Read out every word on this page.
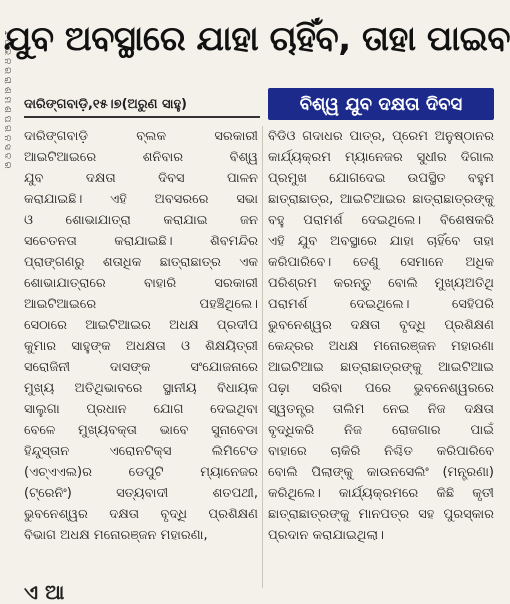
1 ପ ଭ ନ ର ରା ଶ ମ ଶ ପ ଗ ନ ସ ଦ ର
ଯୁବ ଅବସ୍ଥାରେ ଯାହା ଚାହିଁବ, ତାହା ପାଇବ
ଦାରିଙ୍ଗବାଡ଼ି,୧୫।୭(ଅରୁଣ ସାହୁ)	ବିଶ୍ୱ ଯୁବ ଦକ୍ଷତା ଦିବସ

ଦାରିଙ୍ଗବାଡ଼ି ବ୍ଲକ ସରକାରୀ

ଆଇଟିଆଇରେ ଶନିବାର ବିଶ୍ୱ

ଯୁବ ଦକ୍ଷତା ଦିବସ ପାଳନ

କରାଯାଇଛି। ଏହି ଅବସରରେ ସଭା

ଓ ଶୋଭାଯାତ୍ରା କରାଯାଇ ଜନ

ସଚେତନତା କରାଯାଇଛି। ଶିବମନ୍ଦିର

ପ୍ରାଙ୍ଗଣରୁ ଶତାଧିକ ଛାତ୍ରାଛାତ୍ର ଏକ

ଶୋଭାଯାତ୍ରାରେ ବାହାରି ସରକାରୀ

ଆଇଟିଆଇରେ ପହଞ୍ଚିଥିଲେ।

ସେଠାରେ ଆଇଟିଆଇର ଅଧକ୍ଷ ପ୍ରଦୀପ

କୁମାର ସାହୁଙ୍କ ଅଧକ୍ଷତା ଓ ଶିକ୍ଷୟିତ୍ରୀ

ସରୋଜିନୀ ଦାସଙ୍କ ସଂଯୋଜନାରେ

ମୁଖ୍ୟ ଅତିଥିଭାବରେ ସ୍ଥାନୀୟ ବିଧାୟକ

ସାଲୁଗା ପ୍ରଧାନ ଯୋଗ ଦେଇଥିବା

ବେଳେ ମୁଖ୍ୟବକ୍ତା ଭାବେ ସୁନାବେଡା

ହିନ୍ଦୁସ୍ତାନ ଏରୋନଟିକ୍ସ ଲିମିଟେଡ

(ଏଚ୍ଏଏଲ)ର ଡେପୁଟି ମ୍ୟାନେଜର

(ଟ୍ରେନିଂ) ସତ୍ୟବାଦୀ ଶତପଥୀ,

ଭୁବନେଶ୍ୱର ଦକ୍ଷତା ବୃଦ୍ଧି ପ୍ରଶିକ୍ଷଣ

ବିଭାଗ ଅଧକ୍ଷ ମନୋରଞ୍ଜନ ମହାରଣା,

ବିଡିଓ ଗଦାଧର ପାତ୍ର, ପ୍ରେମ ଅନୁଷ୍ଠାନର

କାର୍ଯ୍ୟକ୍ରମ ମ୍ୟାନେଜର ସୁଧୀର ଦିଗାଲ

ପ୍ରମୁଖ ଯୋଗଦେଇ ଉପସ୍ଥିତ ବହୁମ

ଛାତ୍ରାଛାତ୍ର, ଆଇଟିଆଇର ଛାତ୍ରାଛାତ୍ରଙ୍କୁ

ବହୁ ପରାମର୍ଶ ଦେଇଥିଲେ। ବିଶେଷକରି

ଏହି ଯୁବ ଅବସ୍ଥାରେ ଯାହା ଚାହିଁବେ ତାହା

କରିପାରିବେ। ତେଣୁ ସେମାନେ ଅଧିକ

ପରିଶ୍ରମ କରନ୍ତୁ ବୋଲି ମୁଖ୍ୟଅତିଥି

ପରାମର୍ଶ ଦେଇଥିଲେ। ସେହିପରି

ଭୁବନେଶ୍ୱର ଦକ୍ଷତା ବୃଦ୍ଧି ପ୍ରଶିକ୍ଷଣ

କେନ୍ଦ୍ରର ଅଧକ୍ଷ ମନୋରଞ୍ଜନ ମହାରଣା

ଆଇଟିଆଇ ଛାତ୍ରାଛାତ୍ରଙ୍କୁ ଆଇଟିଆଇ

ପଢ଼ା ସରିବା ପରେ ଭୁବନେଶ୍ୱରରେ

ସ୍ୱତନ୍ତ୍ର ତାଲିମ ନେଇ ନିଜ ଦକ୍ଷତା

ବୃଦ୍ଧିକରି ନିଜ ରୋଜଗାର ପାଇଁ

ବାହାରେ ଚାକିରି ନିଶ୍ଚିତ କରିପାରିବେ

ବୋଲି ପିଲାଙ୍କୁ କାଉନସେଲିଂ (ମନ୍ତ୍ରଣା)

କରିଥିଲେ। କାର୍ଯ୍ୟକ୍ରମରେ କିଛି କୃତୀ

ଛାତ୍ରାଛାତ୍ରଙ୍କୁ ମାନପତ୍ର ସହ ପୁରସ୍କାର

ପ୍ରଦାନ କରାଯାଇଥିଲା।

ଏ ଆ
